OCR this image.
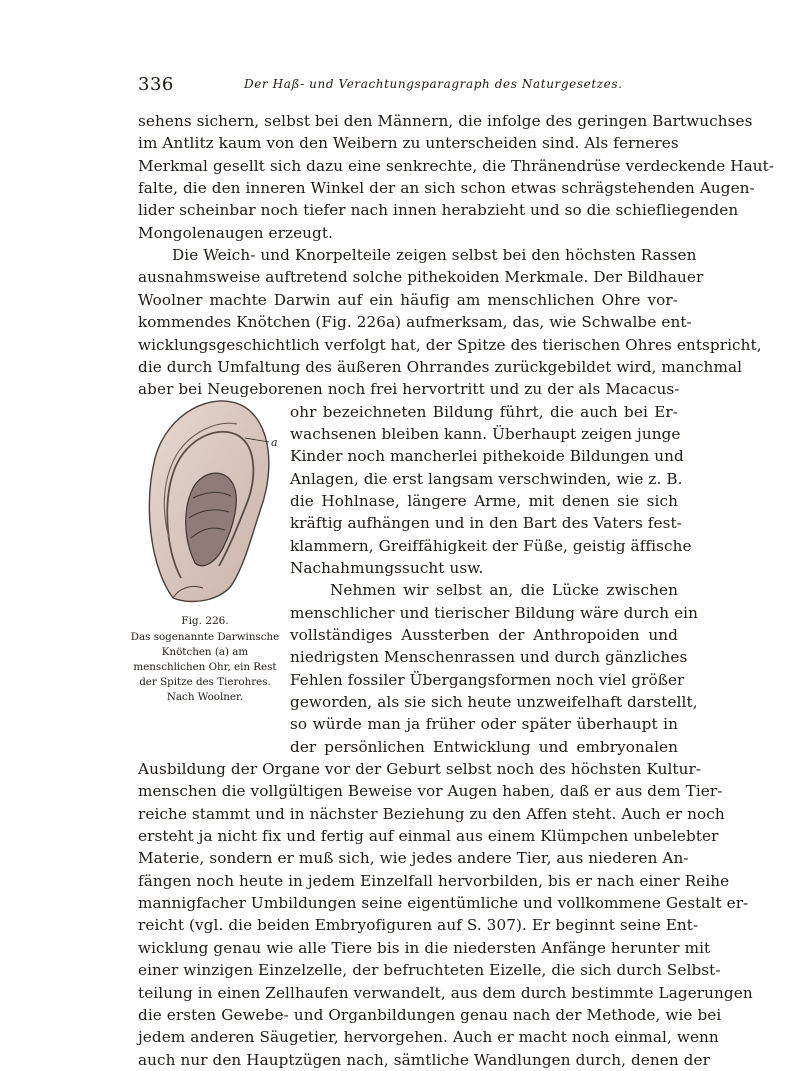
336	Der Haß- und Verachtungsparagraph des Naturgesetzes.
sehens sichern, selbst bei den Männern, die infolge des geringen Bartwuchses
im Antlitz kaum von den Weibern zu unterscheiden sind. Als ferneres
Merkmal gesellt sich dazu eine senkrechte, die Thränendrüse verdeckende Haut-
falte, die den inneren Winkel der an sich schon etwas schrägstehenden Augen-
lider scheinbar noch tiefer nach innen herabzieht und so die schiefliegenden
Mongolenaugen erzeugt.
Die Weich- und Knorpelteile zeigen selbst bei den höchsten Rassen
ausnahmsweise auftretend solche pithekoiden Merkmale. Der Bildhauer
Woolner machte Darwin auf ein häufig am menschlichen Ohre vor-
kommendes Knötchen (Fig. 226a) aufmerksam, das, wie Schwalbe ent-
wicklungsgeschichtlich verfolgt hat, der Spitze des tierischen Ohres entspricht,
die durch Umfaltung des äußeren Ohrrandes zurückgebildet wird, manchmal
aber bei Neugeborenen noch frei hervortritt und zu der als Macacus-
ohr bezeichneten Bildung führt, die auch bei Er-
wachsenen bleiben kann. Überhaupt zeigen junge
Kinder noch mancherlei pithekoide Bildungen und
Anlagen, die erst langsam verschwinden, wie z. B.
die Hohlnase, längere Arme, mit denen sie sich
kräftig aufhängen und in den Bart des Vaters fest-
klammern, Greiffähigkeit der Füße, geistig äffische
Nachahmungssucht usw.
Nehmen wir selbst an, die Lücke zwischen
menschlicher und tierischer Bildung wäre durch ein
vollständiges Aussterben der Anthropoiden und
niedrigsten Menschenrassen und durch gänzliches
Fehlen fossiler Übergangsformen noch viel größer
geworden, als sie sich heute unzweifelhaft darstellt,
so würde man ja früher oder später überhaupt in
der persönlichen Entwicklung und embryonalen
Ausbildung der Organe vor der Geburt selbst noch des höchsten Kultur-
menschen die vollgültigen Beweise vor Augen haben, daß er aus dem Tier-
reiche stammt und in nächster Beziehung zu den Affen steht. Auch er noch
ersteht ja nicht fix und fertig auf einmal aus einem Klümpchen unbelebter
Materie, sondern er muß sich, wie jedes andere Tier, aus niederen An-
fängen noch heute in jedem Einzelfall hervorbilden, bis er nach einer Reihe
mannigfacher Umbildungen seine eigentümliche und vollkommene Gestalt er-
reicht (vgl. die beiden Embryofiguren auf S. 307). Er beginnt seine Ent-
wicklung genau wie alle Tiere bis in die niedersten Anfänge herunter mit
einer winzigen Einzelzelle, der befruchteten Eizelle, die sich durch Selbst-
teilung in einen Zellhaufen verwandelt, aus dem durch bestimmte Lagerungen
die ersten Gewebe- und Organbildungen genau nach der Methode, wie bei
jedem anderen Säugetier, hervorgehen. Auch er macht noch einmal, wenn
auch nur den Hauptzügen nach, sämtliche Wandlungen durch, denen der
a
Fig. 226.
Das sogenannte Darwinsche Knötchen (a) am menschlichen Ohr, ein Rest der Spitze des Tierohres. Nach Woolner.
